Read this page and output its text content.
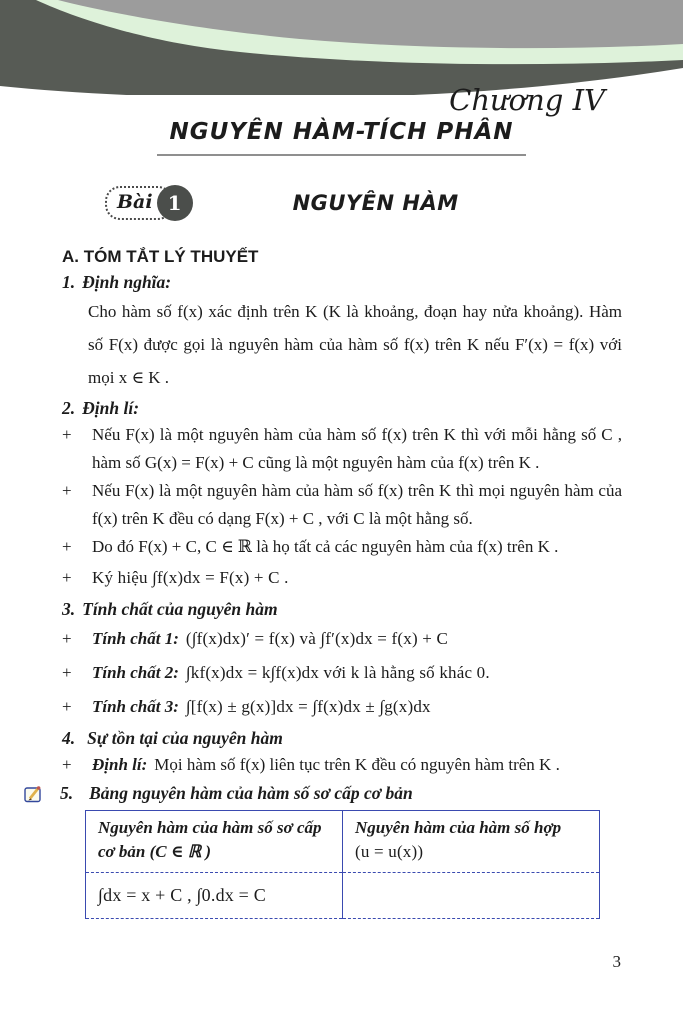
Chương IV
NGUYÊN HÀM-TÍCH PHÂN
Bài 1	NGUYÊN HÀM
A. TÓM TẮT LÝ THUYẾT
1. Định nghĩa:
Cho hàm số f(x) xác định trên K (K là khoảng, đoạn hay nửa khoảng). Hàm số F(x) được gọi là nguyên hàm của hàm số f(x) trên K nếu F′(x) = f(x) với mọi x ∈ K .
2. Định lí:
+	Nếu F(x) là một nguyên hàm của hàm số f(x) trên K thì với mỗi hằng số C , hàm số G(x) = F(x) + C cũng là một nguyên hàm của f(x) trên K .
+	Nếu F(x) là một nguyên hàm của hàm số f(x) trên K thì mọi nguyên hàm của f(x) trên K đều có dạng F(x) + C , với C là một hằng số.
+	Do đó F(x) + C, C ∈ ℝ là họ tất cả các nguyên hàm của f(x) trên K .
+	Ký hiệu ∫f(x)dx = F(x) + C .
3. Tính chất của nguyên hàm
+	Tính chất 1: (∫f(x)dx)′ = f(x) và ∫f′(x)dx = f(x) + C
+	Tính chất 2: ∫kf(x)dx = k∫f(x)dx với k là hằng số khác 0.
+	Tính chất 3: ∫[f(x) ± g(x)]dx = ∫f(x)dx ± ∫g(x)dx
4. Sự tồn tại của nguyên hàm
+	Định lí: Mọi hàm số f(x) liên tục trên K đều có nguyên hàm trên K .
5. Bảng nguyên hàm của hàm số sơ cấp cơ bản
Nguyên hàm của hàm số sơ cấp cơ bản (C ∈ ℝ )	Nguyên hàm của hàm số hợp
(u = u(x))

∫dx = x + C , ∫0.dx = C	
3
